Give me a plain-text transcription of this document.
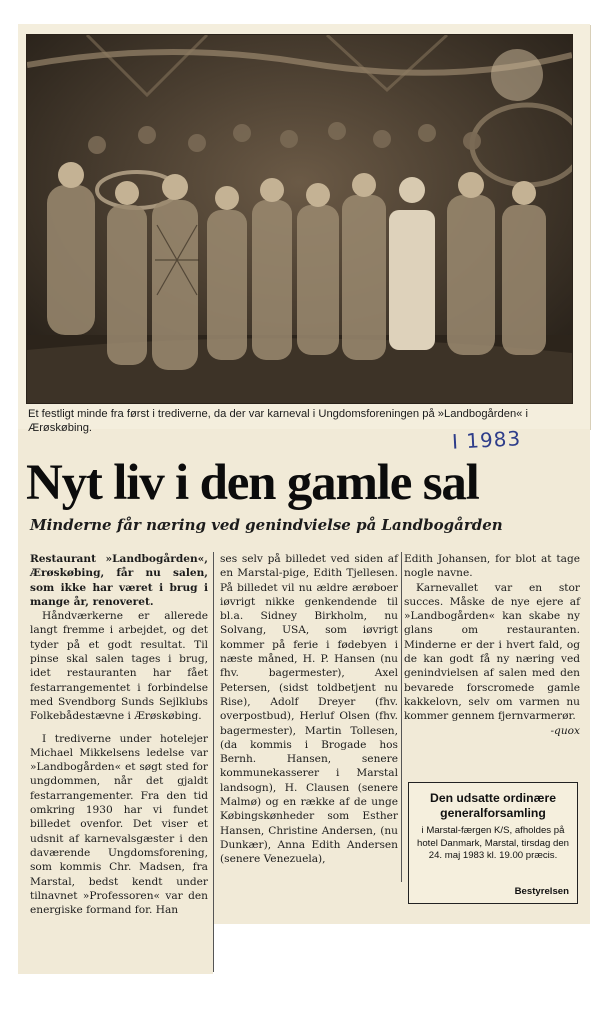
Et festligt minde fra først i trediverne, da der var karneval i Ungdomsforeningen på »Landbogården« i Ærøskøbing.	I 1983
Nyt liv i den gamle sal
Minderne får næring ved genindvielse på Landbogården

Restaurant »Landbogården«, Ærøskøbing, får nu salen, som ikke har været i brug i mange år, renoveret.

Håndværkerne er allerede langt fremme i arbejdet, og det tyder på et godt resultat. Til pinse skal salen tages i brug, idet restauranten har fået festarrangementet i forbindelse med Svendborg Sunds Sejlklubs Folkebådestævne i Ærøskøbing.

I trediverne under hotelejer Michael Mikkelsens ledelse var »Landbogården« et søgt sted for ungdommen, når det gjaldt festarrangementer. Fra den tid omkring 1930 har vi fundet billedet ovenfor. Det viser et udsnit af karnevalsgæster i den daværende Ungdomsforening, som kommis Chr. Madsen, fra Marstal, bedst kendt under tilnavnet »Professoren« var den energiske formand for. Han

ses selv på billedet ved siden af en Marstal-pige, Edith Tjellesen. På billedet vil nu ældre ærøboer iøvrigt nikke genkendende til bl.a. Sidney Birkholm, nu Solvang, USA, som iøvrigt kommer på ferie i fødebyen i næste måned, H. P. Hansen (nu fhv. bagermester), Axel Petersen, (sidst toldbetjent nu Rise), Adolf Dreyer (fhv. overpostbud), Herluf Olsen (fhv. bagermester), Martin Tollesen, (da kommis i Brogade hos Bernh. Hansen, senere kommunekasserer i Marstal landsogn), H. Clausen (senere Malmø) og en række af de unge Købingskønheder som Esther Hansen, Christine Andersen, (nu Dunkær), Anna Edith Andersen (senere Venezuela),

Edith Johansen, for blot at tage nogle navne.

Karnevallet var en stor succes. Måske de nye ejere af »Landbogården« kan skabe ny glans om restauranten. Minderne er der i hvert fald, og de kan godt få ny næring ved genindvielsen af salen med den bevarede forscromede gamle kakkelovn, selv om varmen nu kommer gennem fjernvarmerør.

-quox
Den udsatte ordinære generalforsamling
i Marstal-færgen K/S, afholdes på hotel Danmark, Marstal, tirsdag den 24. maj 1983 kl. 19.00 præcis.
Bestyrelsen
